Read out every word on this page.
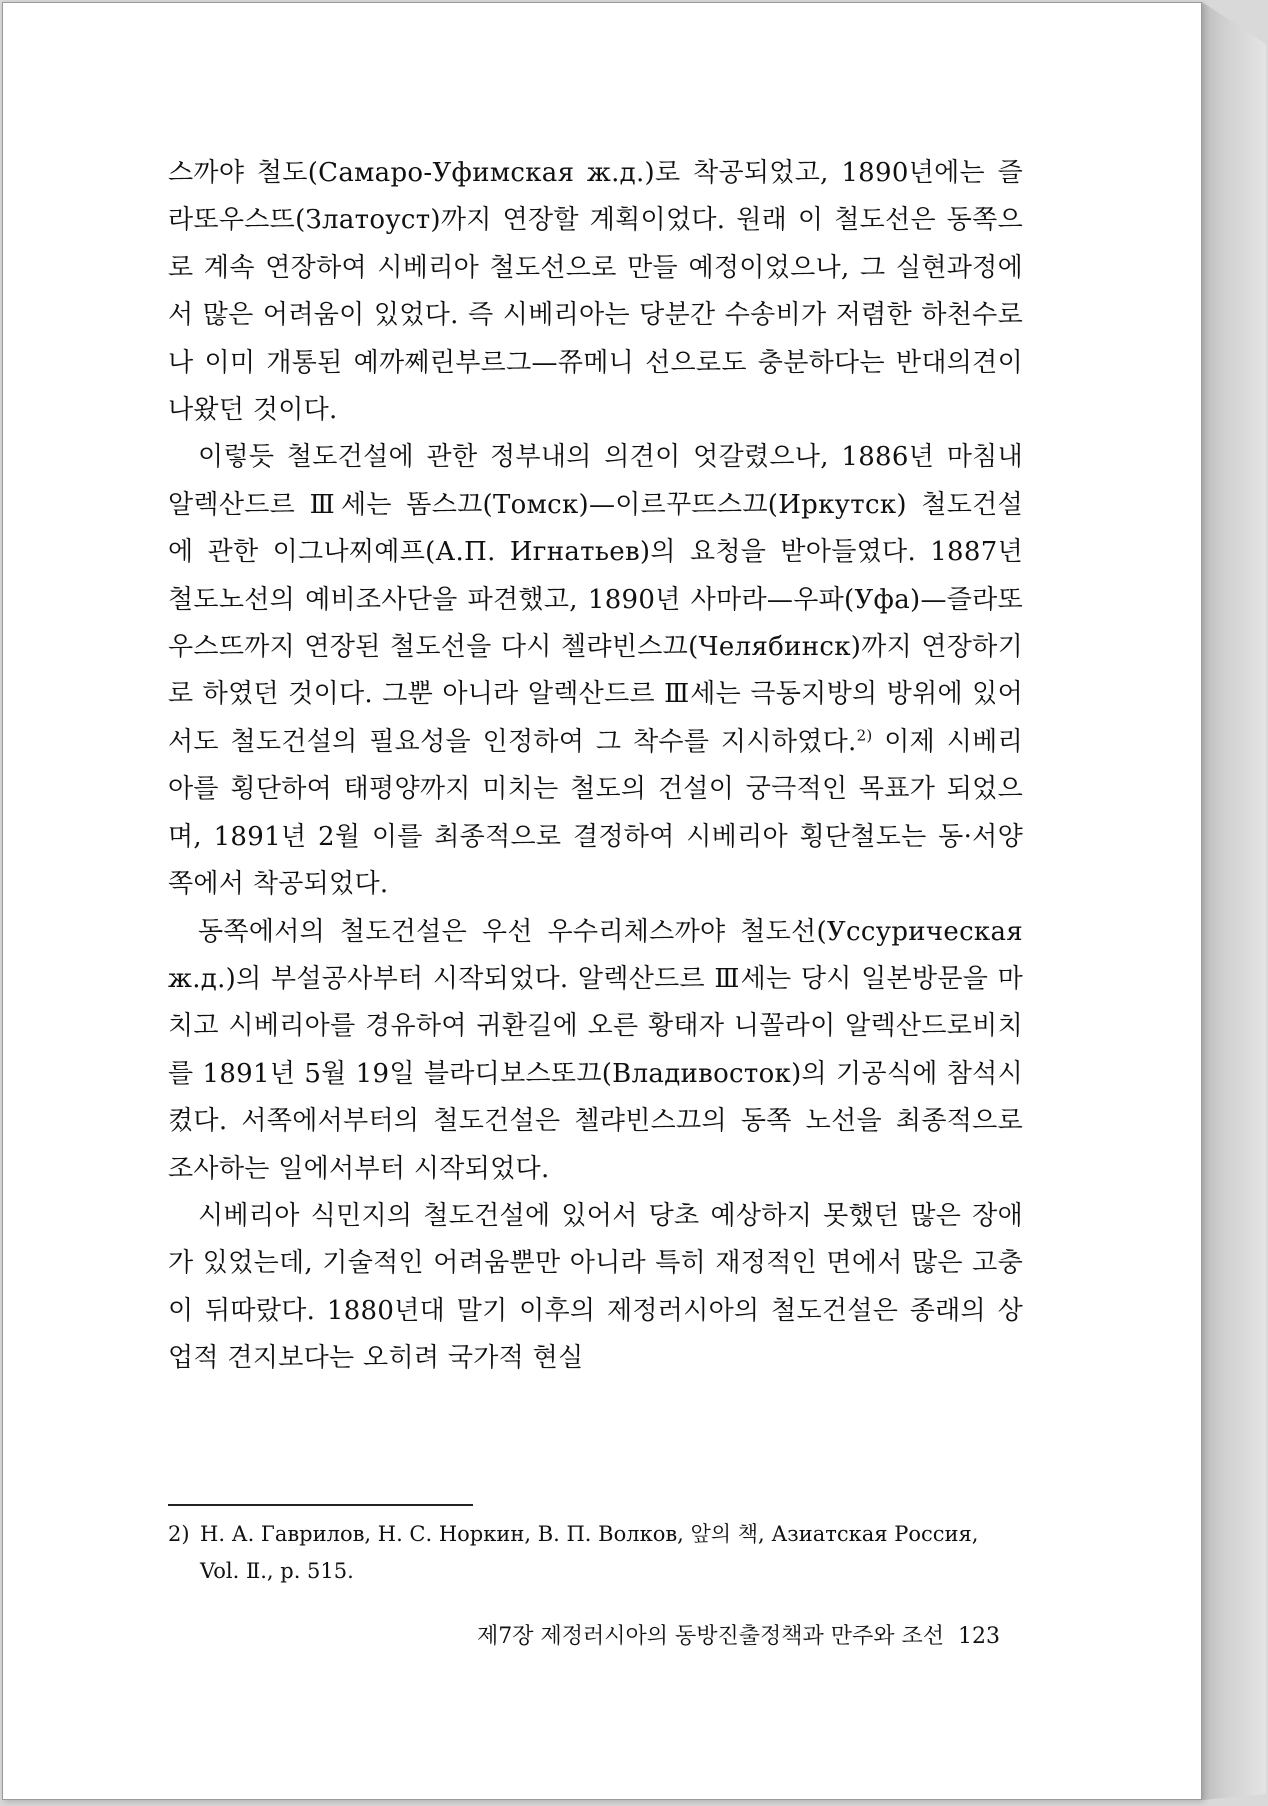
스까야 철도(Самаро-Уфимская ж.д.)로 착공되었고, 1890년에는 즐라또우스뜨(Златоуст)까지 연장할 계획이었다. 원래 이 철도선은 동쪽으로 계속 연장하여 시베리아 철도선으로 만들 예정이었으나, 그 실현과정에서 많은 어려움이 있었다. 즉 시베리아는 당분간 수송비가 저렴한 하천수로나 이미 개통된 예까쩨린부르그—쮸메니 선으로도 충분하다는 반대의견이 나왔던 것이다.

이렇듯 철도건설에 관한 정부내의 의견이 엇갈렸으나, 1886년 마침내 알렉산드르 Ⅲ세는 똠스끄(Томск)—이르꾸뜨스끄(Иркутск) 철도건설에 관한 이그나찌예프(А.П. Игнатьев)의 요청을 받아들였다. 1887년 철도노선의 예비조사단을 파견했고, 1890년 사마라—우파(Уфа)—즐라또우스뜨까지 연장된 철도선을 다시 첼랴빈스끄(Челябинск)까지 연장하기로 하였던 것이다. 그뿐 아니라 알렉산드르 Ⅲ세는 극동지방의 방위에 있어서도 철도건설의 필요성을 인정하여 그 착수를 지시하였다.$^{2)}$ 이제 시베리아를 횡단하여 태평양까지 미치는 철도의 건설이 궁극적인 목표가 되었으며, 1891년 2월 이를 최종적으로 결정하여 시베리아 횡단철도는 동·서양쪽에서 착공되었다.

동쪽에서의 철도건설은 우선 우수리체스까야 철도선(Уссурическая ж.д.)의 부설공사부터 시작되었다. 알렉산드르 Ⅲ세는 당시 일본방문을 마치고 시베리아를 경유하여 귀환길에 오른 황태자 니꼴라이 알렉산드로비치를 1891년 5월 19일 블라디보스또끄(Владивосток)의 기공식에 참석시켰다. 서쪽에서부터의 철도건설은 첼랴빈스끄의 동쪽 노선을 최종적으로 조사하는 일에서부터 시작되었다.

시베리아 식민지의 철도건설에 있어서 당초 예상하지 못했던 많은 장애가 있었는데, 기술적인 어려움뿐만 아니라 특히 재정적인 면에서 많은 고충이 뒤따랐다. 1880년대 말기 이후의 제정러시아의 철도건설은 종래의 상업적 견지보다는 오히려 국가적 현실

2) Н. А. Гаврилов, Н. С. Норкин, В. П. Волков, 앞의 책, Азиатская Россия, Vol. Ⅱ., p. 515.

제7장 제정러시아의 동방진출정책과 만주와 조선 123
